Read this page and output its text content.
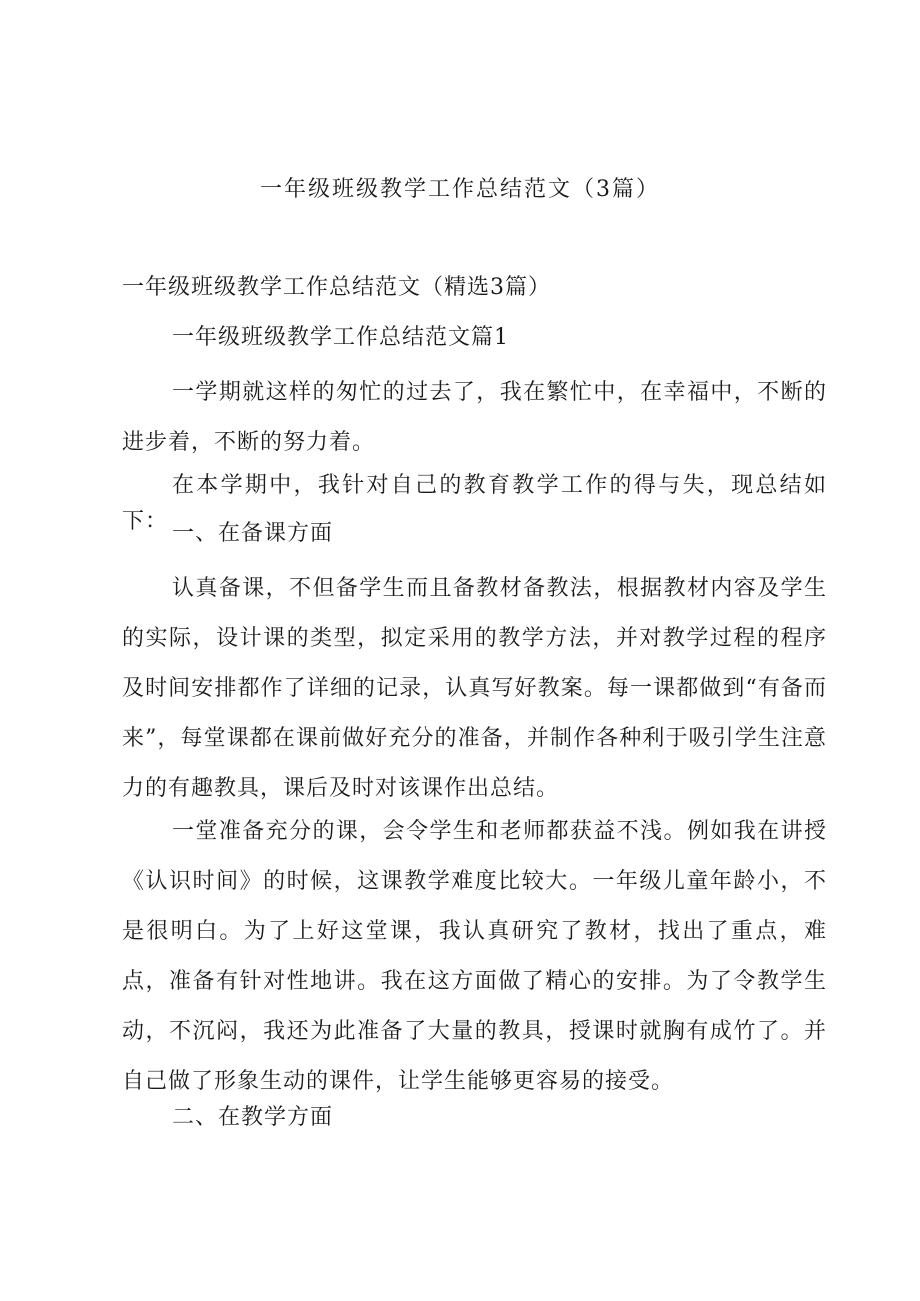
一年级班级教学工作总结范文（3篇）

一年级班级教学工作总结范文（精选3篇）

一年级班级教学工作总结范文篇1

一学期就这样的匆忙的过去了，我在繁忙中，在幸福中，不断的进步着，不断的努力着。

在本学期中，我针对自己的教育教学工作的得与失，现总结如下： 一、在备课方面

认真备课，不但备学生而且备教材备教法，根据教材内容及学生的实际，设计课的类型，拟定采用的教学方法，并对教学过程的程序及时间安排都作了详细的记录，认真写好教案。每一课都做到“有备而来”，每堂课都在课前做好充分的准备，并制作各种利于吸引学生注意力的有趣教具，课后及时对该课作出总结。

一堂准备充分的课，会令学生和老师都获益不浅。例如我在讲授《认识时间》的时候，这课教学难度比较大。一年级儿童年龄小，不是很明白。为了上好这堂课，我认真研究了教材，找出了重点，难点，准备有针对性地讲。我在这方面做了精心的安排。为了令教学生动，不沉闷，我还为此准备了大量的教具，授课时就胸有成竹了。并自己做了形象生动的课件，让学生能够更容易的接受。

二、在教学方面
